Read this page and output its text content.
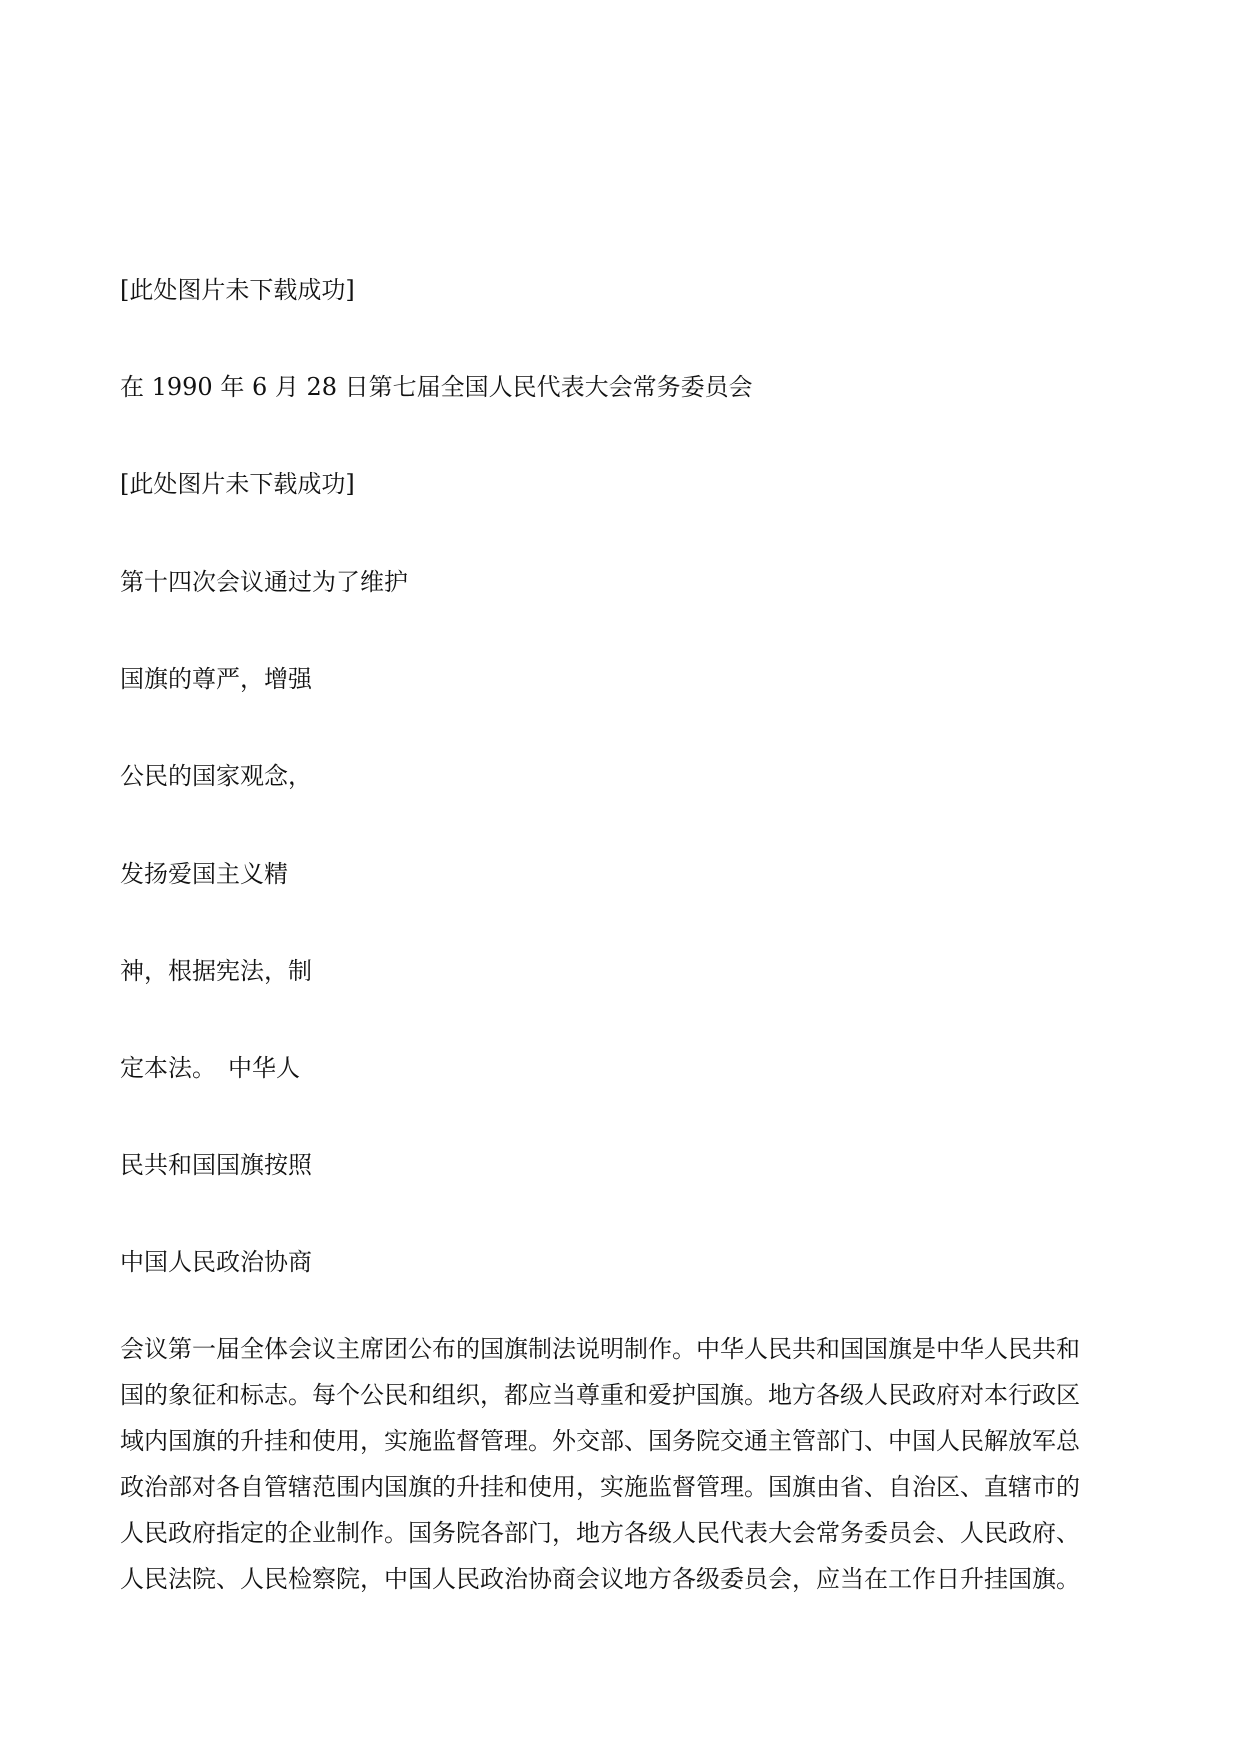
[此处图片未下载成功]

在 1990 年 6 月 28 日第七届全国人民代表大会常务委员会

[此处图片未下载成功]

第十四次会议通过为了维护

国旗的尊严，增强

公民的国家观念，

发扬爱国主义精

神，根据宪法，制

定本法。　中华人

民共和国国旗按照

中国人民政治协商

会议第一届全体会议主席团公布的国旗制法说明制作。中华人民共和国国旗是中华人民共和
国的象征和标志。每个公民和组织，都应当尊重和爱护国旗。地方各级人民政府对本行政区
域内国旗的升挂和使用，实施监督管理。外交部、国务院交通主管部门、中国人民解放军总
政治部对各自管辖范围内国旗的升挂和使用，实施监督管理。国旗由省、自治区、直辖市的
人民政府指定的企业制作。国务院各部门，地方各级人民代表大会常务委员会、人民政府、
人民法院、人民检察院，中国人民政治协商会议地方各级委员会，应当在工作日升挂国旗。
